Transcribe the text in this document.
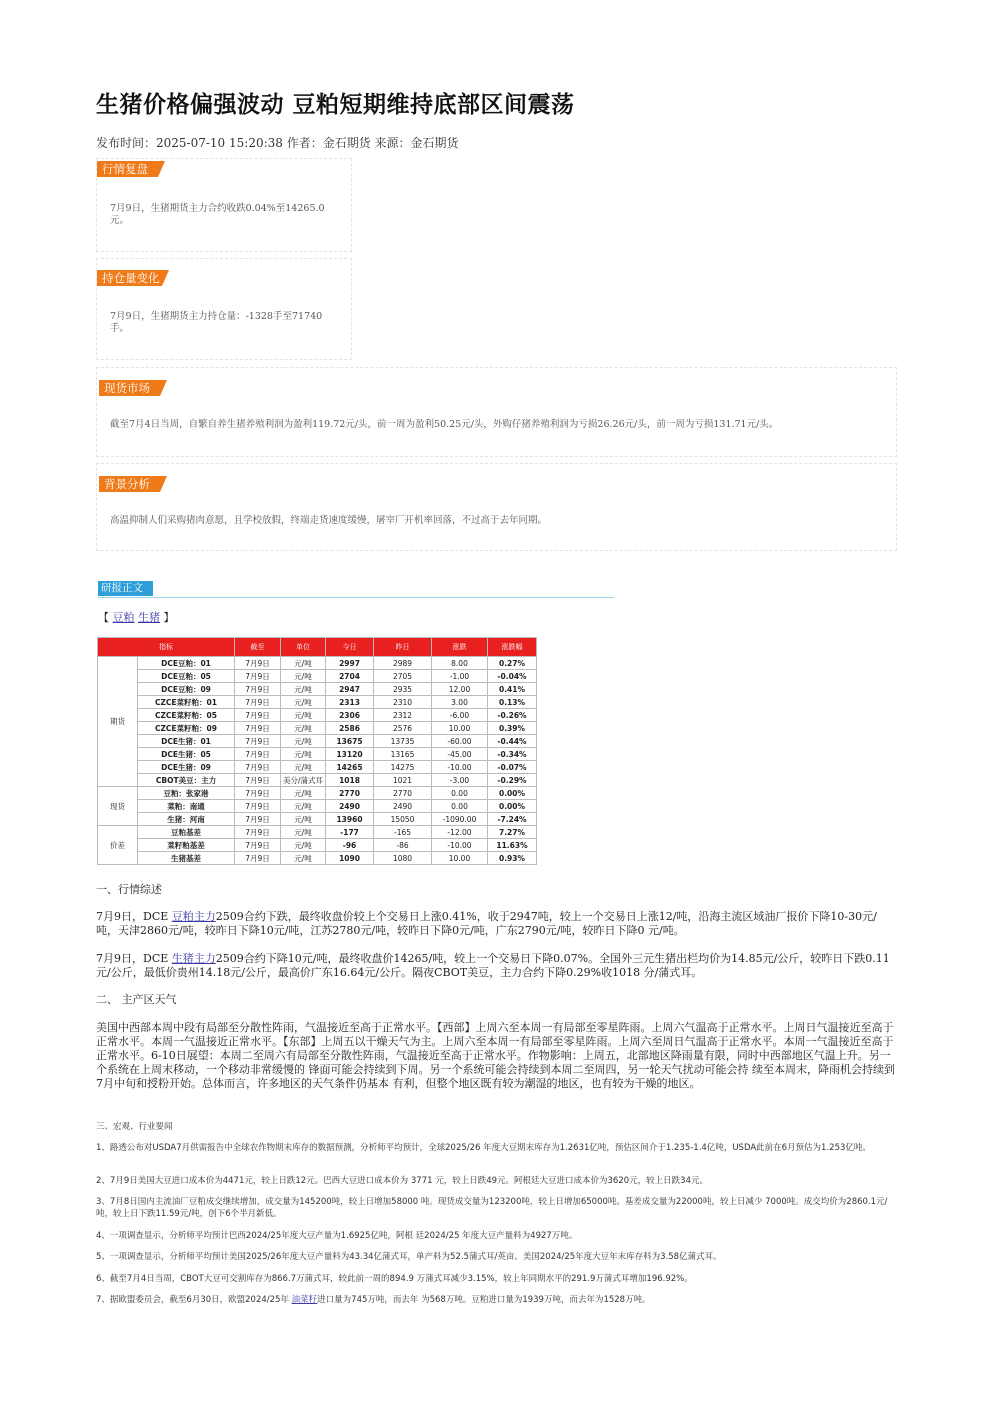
生猪价格偏强波动 豆粕短期维持底部区间震荡
发布时间：2025-07-10 15:20:38 作者：金石期货 来源：金石期货
行情复盘
7月9日，生猪期货主力合约收跌0.04%至14265.0元。
持仓量变化
7月9日，生猪期货主力持仓量：-1328手至71740手。
现货市场
截至7月4日当周，自繁自养生猪养殖利润为盈利119.72元/头，前一周为盈利50.25元/头，外购仔猪养殖利润为亏损26.26元/头，前一周为亏损131.71元/头。
背景分析
高温抑制人们采购猪肉意愿，且学校放假，终端走货速度缓慢，屠宰厂开机率回落，不过高于去年同期。
研报正文
【 豆粕 生猪 】
指标		截至	单位	今日	昨日	涨跌	涨跌幅
期货	DCE豆粕：01	7月9日	元/吨	2997	2989	8.00	0.27%
	DCE豆粕：05	7月9日	元/吨	2704	2705	-1.00	-0.04%
	DCE豆粕：09	7月9日	元/吨	2947	2935	12.00	0.41%
	CZCE菜籽粕：01	7月9日	元/吨	2313	2310	3.00	0.13%
	CZCE菜籽粕：05	7月9日	元/吨	2306	2312	-6.00	-0.26%
	CZCE菜籽粕：09	7月9日	元/吨	2586	2576	10.00	0.39%
	DCE生猪：01	7月9日	元/吨	13675	13735	-60.00	-0.44%
	DCE生猪：05	7月9日	元/吨	13120	13165	-45.00	-0.34%
	DCE生猪：09	7月9日	元/吨	14265	14275	-10.00	-0.07%
	CBOT美豆：主力	7月9日	美分/蒲式耳	1018	1021	-3.00	-0.29%
现货	豆粕：张家港	7月9日	元/吨	2770	2770	0.00	0.00%
	菜粕：南通	7月9日	元/吨	2490	2490	0.00	0.00%
	生猪：河南	7月9日	元/吨	13960	15050	-1090.00	-7.24%
价差	豆粕基差	7月9日	元/吨	-177	-165	-12.00	7.27%
	菜籽粕基差	7月9日	元/吨	-96	-86	-10.00	11.63%
	生猪基差	7月9日	元/吨	1090	1080	10.00	0.93%
一、行情综述
7月9日，DCE 豆粕主力2509合约下跌，最终收盘价较上个交易日上涨0.41%，收于2947吨，较上一个交易日上涨12/吨，沿海主流区域油厂报价下降10-30元/吨，天津2860元/吨，较昨日下降10元/吨，江苏2780元/吨，较昨日下降0元/吨，广东2790元/吨，较昨日下降0 元/吨。
7月9日，DCE 生猪主力2509合约下降10元/吨，最终收盘价14265/吨，较上一个交易日下降0.07%。全国外三元生猪出栏均价为14.85元/公斤，较昨日下跌0.11元/公斤，最低价贵州14.18元/公斤，最高价广东16.64元/公斤。隔夜CBOT美豆，主力合约下降0.29%收1018 分/蒲式耳。
二、 主产区天气
美国中西部本周中段有局部至分散性阵雨，气温接近至高于正常水平。【西部】上周六至本周一有局部至零星阵雨。上周六气温高于正常水平。上周日气温接近至高于正常水平。本周一气温接近正常水平。【东部】上周五以干燥天气为主。上周六至本周一有局部至零星阵雨。上周六至周日气温高于正常水平。本周一气温接近至高于正常水平。6-10日展望：本周二至周六有局部至分散性阵雨，气温接近至高于正常水平。作物影响：上周五，北部地区降雨量有限，同时中西部地区气温上升。另一个系统在上周末移动，一个移动非常缓慢的 锋面可能会持续到下周。另一个系统可能会持续到本周二至周四，另一轮天气扰动可能会持 续至本周末，降雨机会持续到7月中旬和授粉开始。总体而言，许多地区的天气条件仍基本 有利，但整个地区既有较为潮湿的地区，也有较为干燥的地区。
三、宏观、行业要闻
1、路透公布对USDA7月供需报告中全球农作物期末库存的数据预测，分析师平均预计，全球2025/26 年度大豆期末库存为1.2631亿吨，预估区间介于1.235-1.4亿吨，USDA此前在6月预估为1.253亿吨。
2、7月9日美国大豆进口成本价为4471元，较上日跌12元。巴西大豆进口成本价为 3771 元，较上日跌49元。阿根廷大豆进口成本价为3620元，较上日跌34元。
3、7月8日国内主流油厂豆粕成交继续增加，成交量为145200吨，较上日增加58000 吨。现货成交量为123200吨，较上日增加65000吨。基差成交量为22000吨，较上日减少 7000吨。成交均价为2860.1元/吨，较上日下跌11.59元/吨，创下6个半月新低。
4、一项调查显示，分析师平均预计巴西2024/25年度大豆产量为1.6925亿吨，阿根 廷2024/25 年度大豆产量料为4927万吨。
5、一项调查显示，分析师平均预计美国2025/26年度大豆产量料为43.34亿蒲式耳，单产料为52.5蒲式耳/英亩。美国2024/25年度大豆年末库存料为3.58亿蒲式耳。
6、截至7月4日当周，CBOT大豆可交割库存为866.7万蒲式耳，较此前一周的894.9 万蒲式耳减少3.15%，较上年同期水平的291.9万蒲式耳增加196.92%。
7、据欧盟委员会，截至6月30日，欧盟2024/25年 油菜籽进口量为745万吨，而去年 为568万吨。豆粕进口量为1939万吨，而去年为1528万吨。
